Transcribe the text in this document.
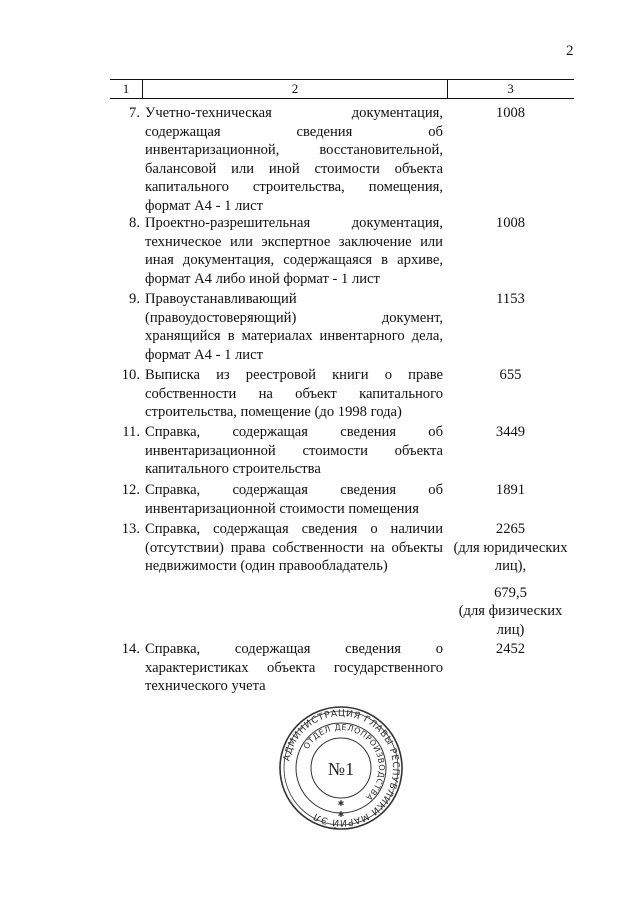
2
1	2	3
7. Учетно-техническая документация,
содержащая сведения об
инвентаризационной, восстановительной,
балансовой или иной стоимости объекта
капитального строительства, помещения,
формат А4 - 1 лист
1008
8. Проектно-разрешительная документация,
техническое или экспертное заключение или
иная документация, содержащаяся в архиве,
формат А4 либо иной формат - 1 лист
1008
9. Правоустанавливающий
(правоудостоверяющий) документ,
хранящийся в материалах инвентарного дела,
формат А4 - 1 лист
1153
10. Выписка из реестровой книги о праве
собственности на объект капитального
строительства, помещение (до 1998 года)
655
11. Справка, содержащая сведения об
инвентаризационной стоимости объекта
капитального строительства
3449
12. Справка, содержащая сведения об
инвентаризационной стоимости помещения
1891
13. Справка, содержащая сведения о наличии
(отсутствии) права собственности на объекты
недвижимости (один правообладатель)
2265
(для юридических
лиц),
679,5
(для физических
лиц)
14. Справка, содержащая сведения о
характеристиках объекта государственного
технического учета
2452
АДМИНИСТРАЦИЯ ГЛАВЫ РЕСПУБЛИКИ МАРИЙ ЭЛ
ОТДЕЛ ДЕЛОПРОИЗВОДСТВА
№1
✱
✱
